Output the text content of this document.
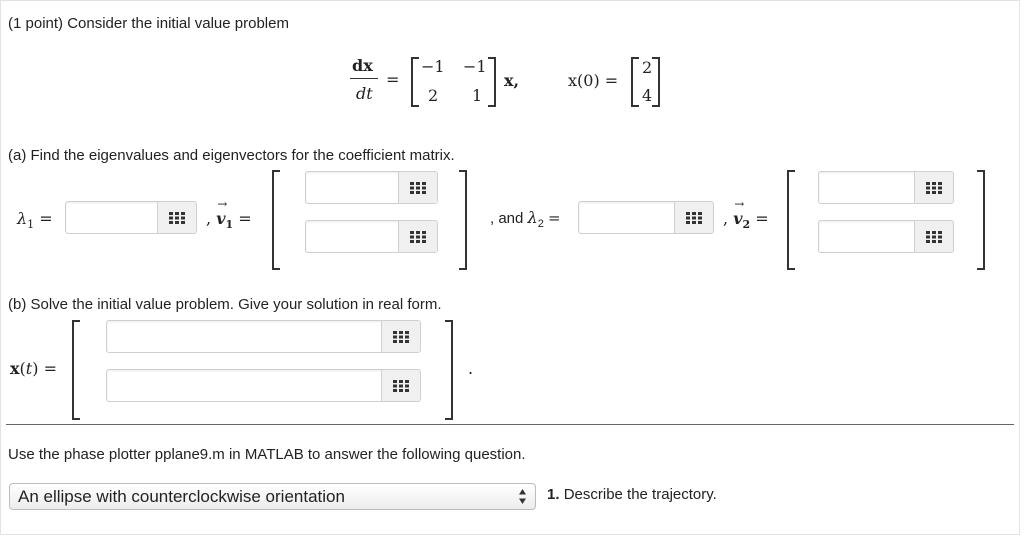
(1 point) Consider the initial value problem
dx
dt
=
−1 −1
2 1
x,	x(0) =
2
4
(a) Find the eigenvalues and eigenvectors for the coefficient matrix.
$\lambda_1$ =	, v
→
$_1$ =	, and $\lambda_2$ =	, v
→
$_2$ =
(b) Solve the initial value problem. Give your solution in real form.
x(t) =	.
Use the phase plotter pplane9.m in MATLAB to answer the following question.
An ellipse with counterclockwise orientation	1. Describe the trajectory.
